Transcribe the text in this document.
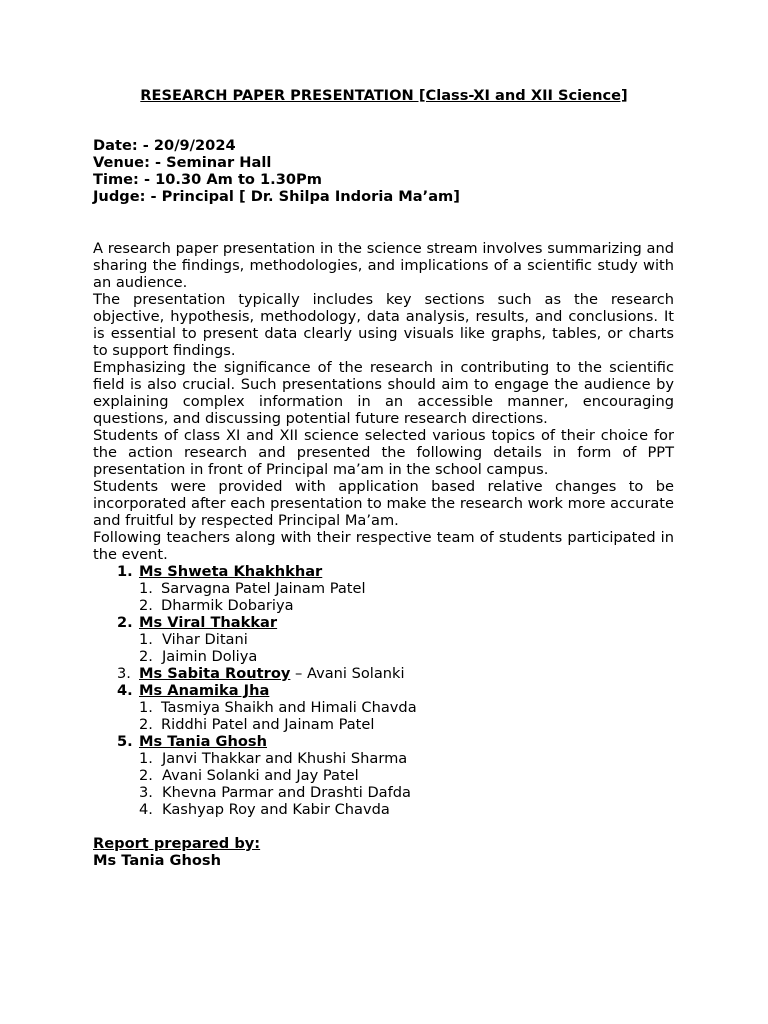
RESEARCH PAPER PRESENTATION [Class-XI and XII Science]
Date: - 20/9/2024
Venue: - Seminar Hall
Time: - 10.30 Am to 1.30Pm
Judge: - Principal [ Dr. Shilpa Indoria Ma’am]

A research paper presentation in the science stream involves summarizing and sharing the findings, methodologies, and implications of a scientific study with an audience.

The presentation typically includes key sections such as the research objective, hypothesis, methodology, data analysis, results, and conclusions. It is essential to present data clearly using visuals like graphs, tables, or charts to support findings.

Emphasizing the significance of the research in contributing to the scientific field is also crucial. Such presentations should aim to engage the audience by explaining complex information in an accessible manner, encouraging questions, and discussing potential future research directions.

Students of class XI and XII science selected various topics of their choice for the action research and presented the following details in form of PPT presentation in front of Principal ma’am in the school campus.

Students were provided with application based relative changes to be incorporated after each presentation to make the research work more accurate and fruitful by respected Principal Ma’am.

Following teachers along with their respective team of students participated in the event.

1. Ms Shweta Khakhkhar
1. Sarvagna Patel Jainam Patel
2. Dharmik Dobariya
2. Ms Viral Thakkar
1. Vihar Ditani
2. Jaimin Doliya
3. Ms Sabita Routroy – Avani Solanki
4. Ms Anamika Jha
1. Tasmiya Shaikh and Himali Chavda
2. Riddhi Patel and Jainam Patel
5. Ms Tania Ghosh
1. Janvi Thakkar and Khushi Sharma
2. Avani Solanki and Jay Patel
3. Khevna Parmar and Drashti Dafda
4. Kashyap Roy and Kabir Chavda
Report prepared by:
Ms Tania Ghosh
